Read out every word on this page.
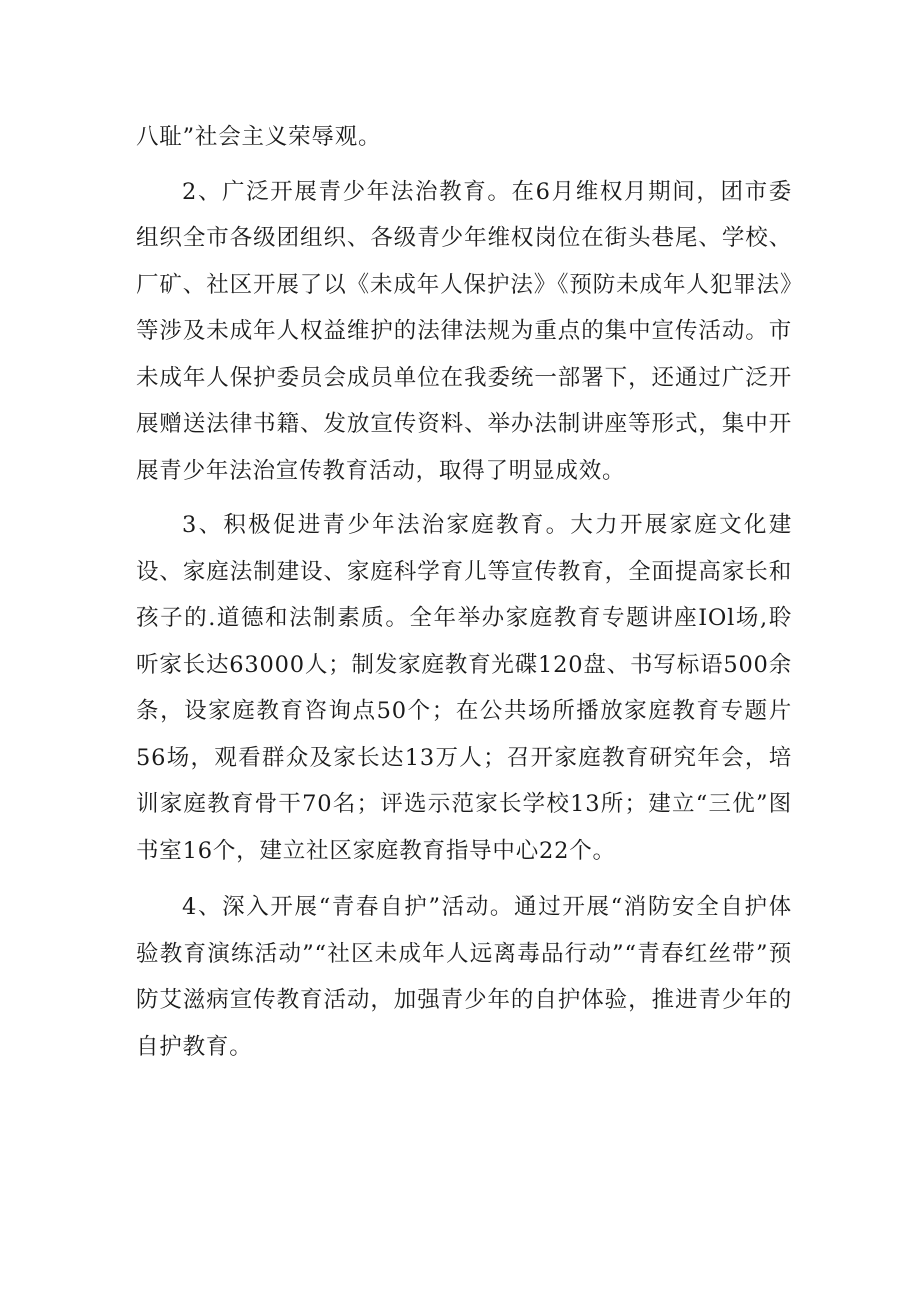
八耻”社会主义荣辱观。

2、广泛开展青少年法治教育。在6月维权月期间，团市委组织全市各级团组织、各级青少年维权岗位在街头巷尾、学校、厂矿、社区开展了以《未成年人保护法》《预防未成年人犯罪法》等涉及未成年人权益维护的法律法规为重点的集中宣传活动。市未成年人保护委员会成员单位在我委统一部署下，还通过广泛开展赠送法律书籍、发放宣传资料、举办法制讲座等形式，集中开展青少年法治宣传教育活动，取得了明显成效。

3、积极促进青少年法治家庭教育。大力开展家庭文化建设、家庭法制建设、家庭科学育儿等宣传教育，全面提高家长和孩子的.道德和法制素质。全年举办家庭教育专题讲座IOl场,聆听家长达63000人；制发家庭教育光碟120盘、书写标语500余条，设家庭教育咨询点50个；在公共场所播放家庭教育专题片56场，观看群众及家长达13万人；召开家庭教育研究年会，培训家庭教育骨干70名；评选示范家长学校13所；建立“三优”图书室16个，建立社区家庭教育指导中心22个。

4、深入开展“青春自护”活动。通过开展“消防安全自护体验教育演练活动”“社区未成年人远离毒品行动”“青春红丝带”预防艾滋病宣传教育活动，加强青少年的自护体验，推进青少年的自护教育。
